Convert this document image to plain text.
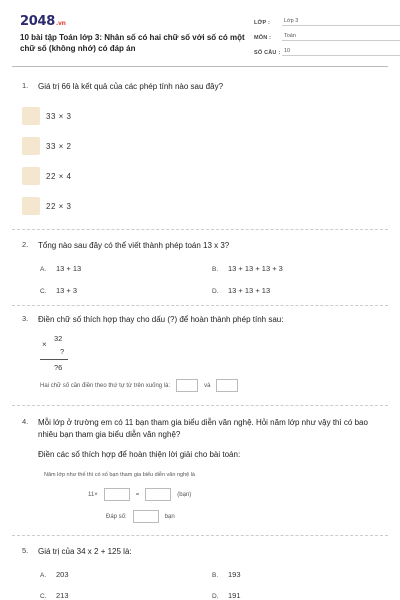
2048.vn
10 bài tập Toán lớp 3: Nhân số có hai chữ số với số có một chữ số (không nhớ) có đáp án
LỚP :	Lớp 3
MÔN :	Toán
SỐ CÂU : 10
1. Giá trị 66 là kết quả của các phép tính nào sau đây?
33 × 3
33 × 2
22 × 4
22 × 3
2. Tổng nào sau đây có thể viết thành phép toán 13 x 3?
A. 13 + 13	B. 13 + 13 + 13 + 3
C. 13 + 3	D. 13 + 13 + 13
3. Điền chữ số thích hợp thay cho dấu (?) để hoàn thành phép tính sau:
32
×
?
?6
Hai chữ số cần điền theo thứ tự từ trên xuống là:	và
4. Mỗi lớp ở trường em có 11 bạn tham gia biểu diễn văn nghệ. Hỏi năm lớp như vậy thì có bao nhiêu bạn tham gia biểu diễn văn nghệ?
Điền các số thích hợp để hoàn thiện lời giải cho bài toán:
Năm lớp như thế thì có số bạn tham gia biểu diễn văn nghệ là
11×	=	(bạn)
Đáp số:	bạn
5. Giá trị của 34 x 2 + 125 là:
A. 203	B. 193
C. 213	D. 191
